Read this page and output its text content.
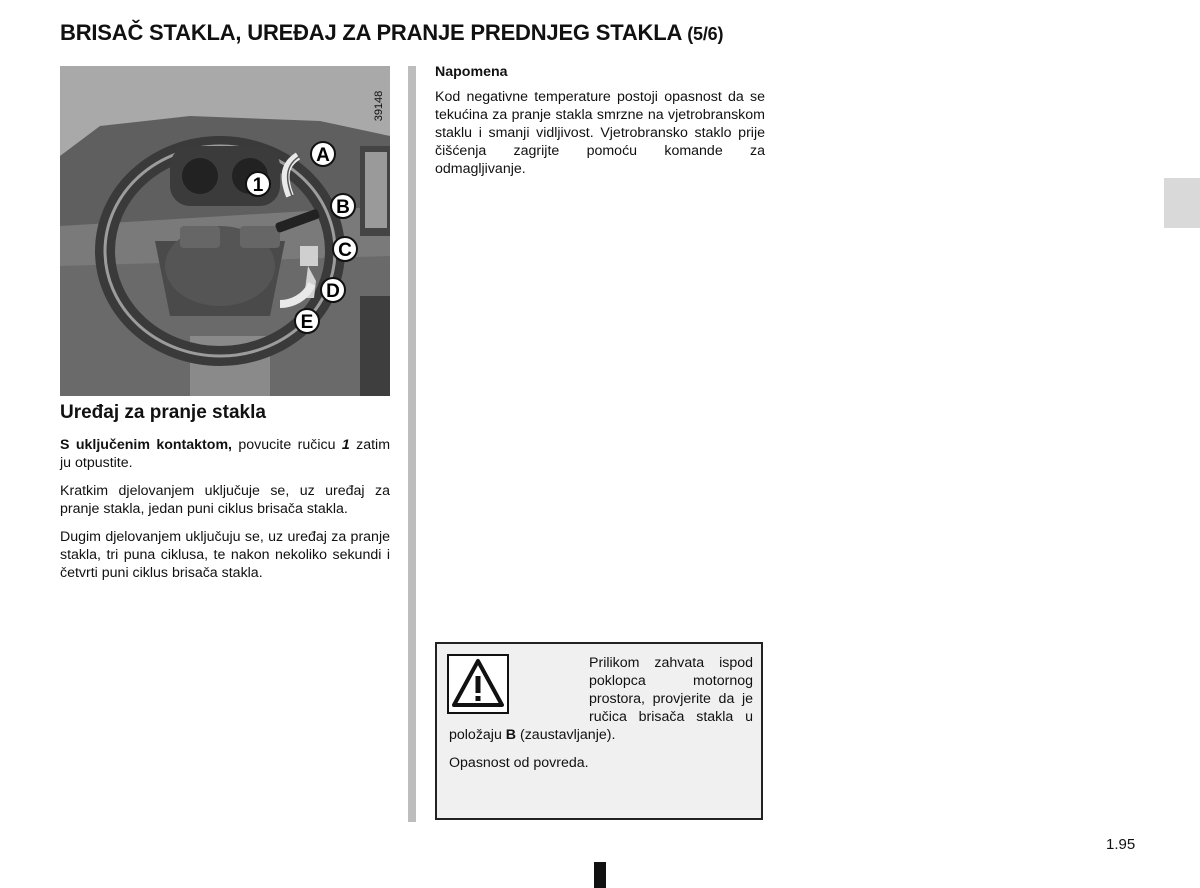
BRISAČ STAKLA, UREĐAJ ZA PRANJE PREDNJEG STAKLA (5/6)
A
1
B
C
D
E
39148
Uređaj za pranje stakla

S uključenim kontaktom, povucite ručicu 1 zatim ju otpustite.

Kratkim djelovanjem uključuje se, uz uređaj za pranje stakla, jedan puni ciklus brisača stakla.

Dugim djelovanjem uključuju se, uz uređaj za pranje stakla, tri puna ciklusa, te nakon nekoliko sekundi i četvrti puni ciklus brisača stakla.

Napomena

Kod negativne temperature postoji opasnost da se tekućina za pranje stakla smrzne na vjetrobranskom staklu i smanji vidljivost. Vjetrobransko staklo prije čišćenja zagrijte pomoću komande za odmagljivanje.

Prilikom zahvata ispod poklopca motornog prostora, provjerite da je ručica brisača stakla u položaju B (zaustavljanje).

Opasnost od povreda.

1.95
